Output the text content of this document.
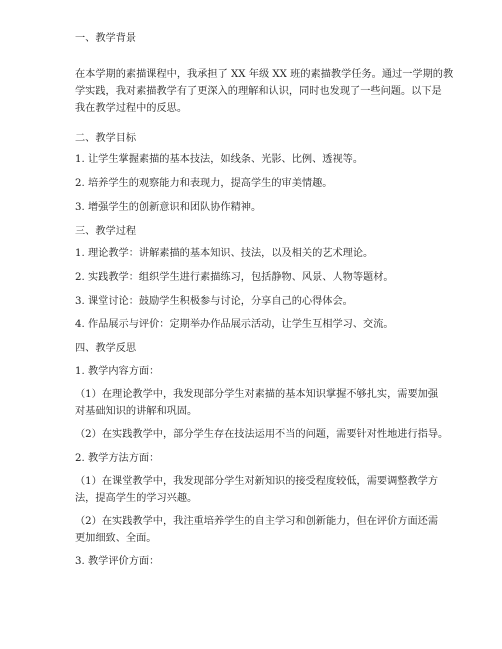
一、教学背景

在本学期的素描课程中，我承担了 XX 年级 XX 班的素描教学任务。通过一学期的教

学实践，我对素描教学有了更深入的理解和认识，同时也发现了一些问题。以下是

我在教学过程中的反思。

二、教学目标

1. 让学生掌握素描的基本技法，如线条、光影、比例、透视等。

2. 培养学生的观察能力和表现力，提高学生的审美情趣。

3. 增强学生的创新意识和团队协作精神。

三、教学过程

1. 理论教学：讲解素描的基本知识、技法，以及相关的艺术理论。

2. 实践教学：组织学生进行素描练习，包括静物、风景、人物等题材。

3. 课堂讨论：鼓励学生积极参与讨论，分享自己的心得体会。

4. 作品展示与评价：定期举办作品展示活动，让学生互相学习、交流。

四、教学反思

1. 教学内容方面：

（1）在理论教学中，我发现部分学生对素描的基本知识掌握不够扎实，需要加强

对基础知识的讲解和巩固。

（2）在实践教学中，部分学生存在技法运用不当的问题，需要针对性地进行指导。

2. 教学方法方面：

（1）在课堂教学中，我发现部分学生对新知识的接受程度较低，需要调整教学方

法，提高学生的学习兴趣。

（2）在实践教学中，我注重培养学生的自主学习和创新能力，但在评价方面还需

更加细致、全面。

3. 教学评价方面：
